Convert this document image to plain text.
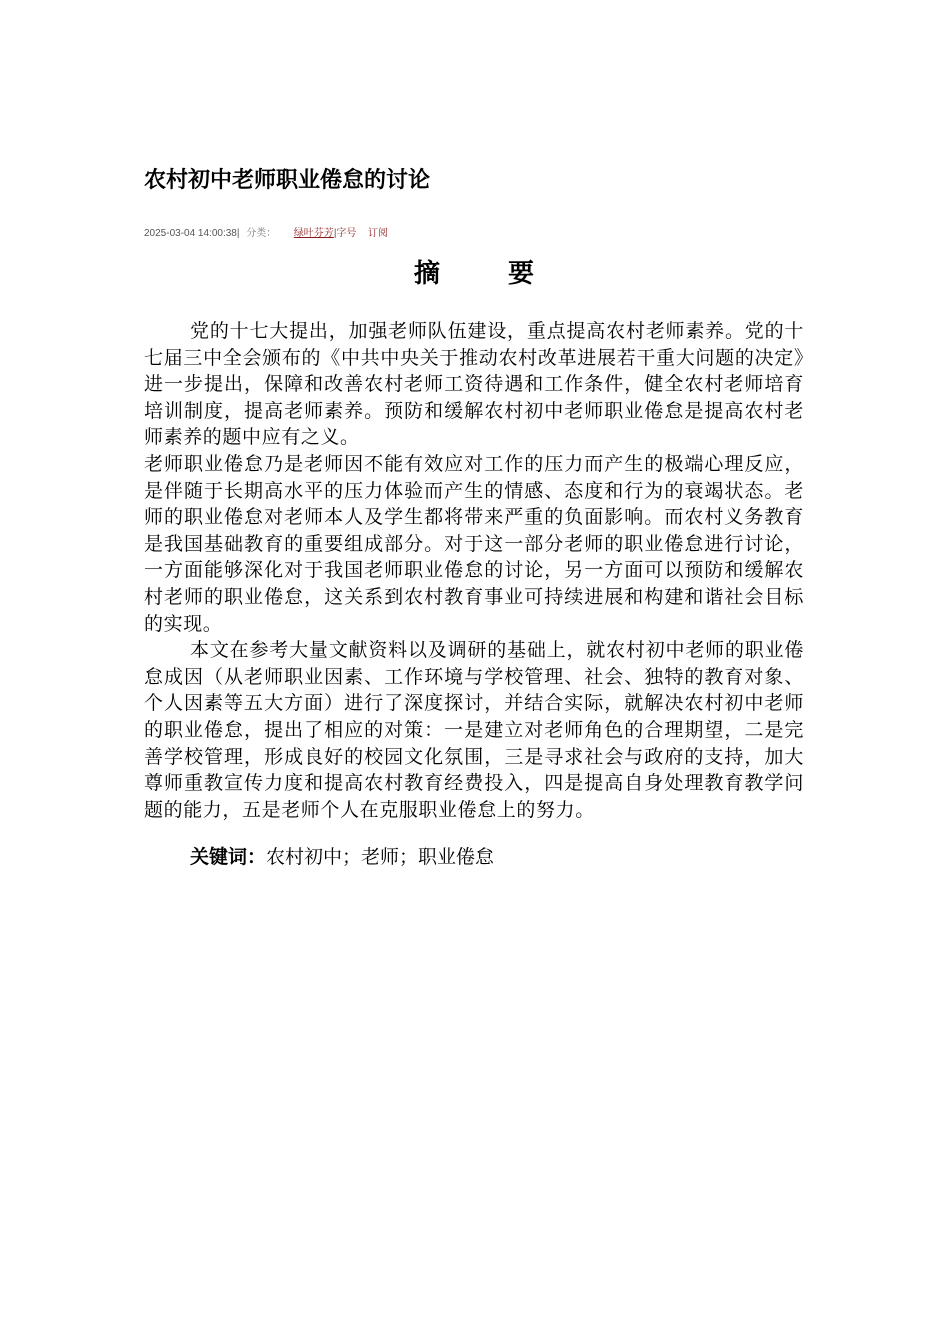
农村初中老师职业倦怠的讨论
2025-03-04 14:00:38| 分类： 绿叶芬芳|字号 订阅
摘要

党的十七大提出，加强老师队伍建设，重点提高农村老师素养。党的十七届三中全会颁布的《中共中央关于推动农村改革进展若干重大问题的决定》进一步提出，保障和改善农村老师工资待遇和工作条件，健全农村老师培育培训制度，提高老师素养。预防和缓解农村初中老师职业倦怠是提高农村老师素养的题中应有之义。

老师职业倦怠乃是老师因不能有效应对工作的压力而产生的极端心理反应，是伴随于长期高水平的压力体验而产生的情感、态度和行为的衰竭状态。老师的职业倦怠对老师本人及学生都将带来严重的负面影响。而农村义务教育是我国基础教育的重要组成部分。对于这一部分老师的职业倦怠进行讨论，一方面能够深化对于我国老师职业倦怠的讨论，另一方面可以预防和缓解农村老师的职业倦怠，这关系到农村教育事业可持续进展和构建和谐社会目标的实现。

本文在参考大量文献资料以及调研的基础上，就农村初中老师的职业倦怠成因（从老师职业因素、工作环境与学校管理、社会、独特的教育对象、个人因素等五大方面）进行了深度探讨，并结合实际，就解决农村初中老师的职业倦怠，提出了相应的对策：一是建立对老师角色的合理期望，二是完善学校管理，形成良好的校园文化氛围，三是寻求社会与政府的支持，加大尊师重教宣传力度和提高农村教育经费投入，四是提高自身处理教育教学问题的能力，五是老师个人在克服职业倦怠上的努力。

关键词：农村初中；老师；职业倦怠
